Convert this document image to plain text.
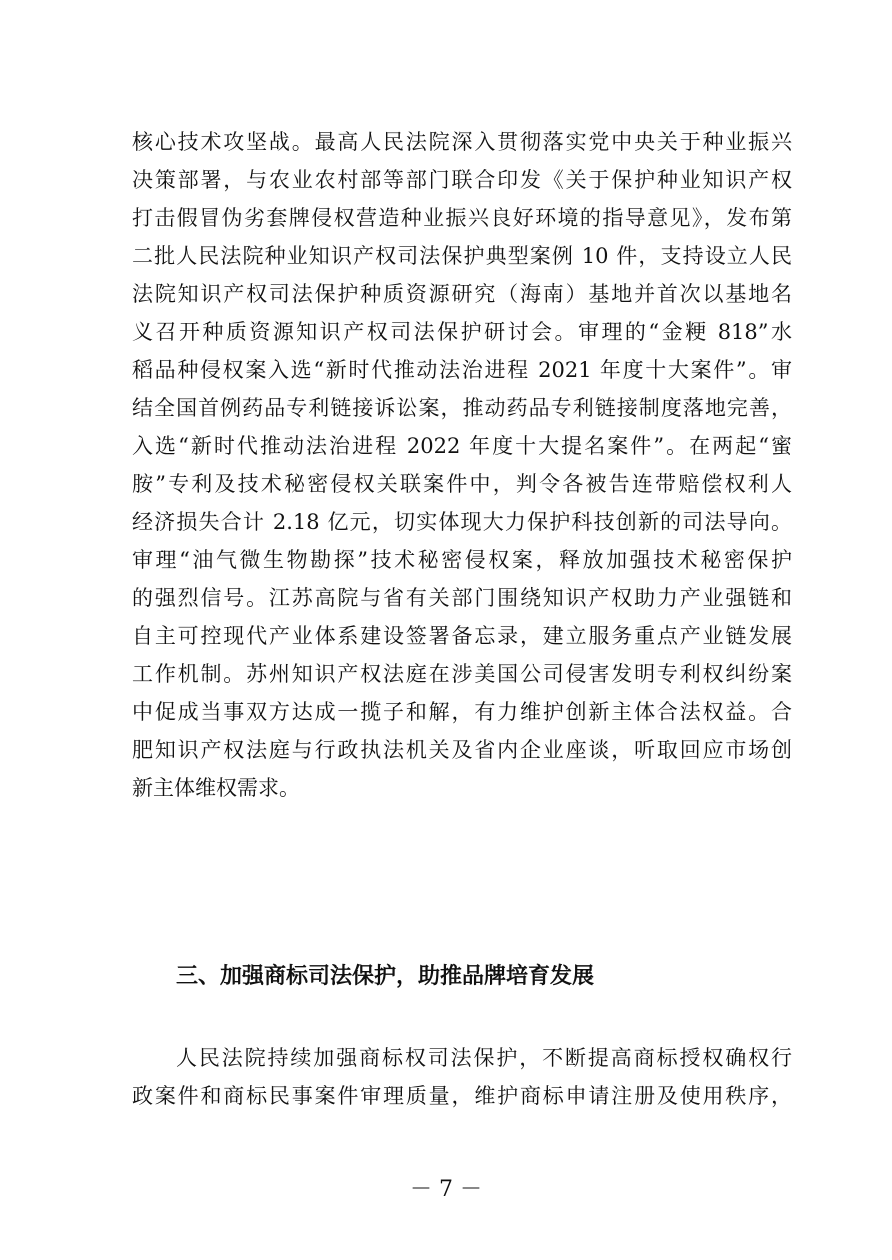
核心技术攻坚战。最高人民法院深入贯彻落实党中央关于种业振兴
决策部署，与农业农村部等部门联合印发《关于保护种业知识产权
打击假冒伪劣套牌侵权营造种业振兴良好环境的指导意见》，发布第
二批人民法院种业知识产权司法保护典型案例 10 件，支持设立人民
法院知识产权司法保护种质资源研究（海南）基地并首次以基地名
义召开种质资源知识产权司法保护研讨会。审理的“金粳 818”水
稻品种侵权案入选“新时代推动法治进程 2021 年度十大案件”。审
结全国首例药品专利链接诉讼案，推动药品专利链接制度落地完善，
入选“新时代推动法治进程 2022 年度十大提名案件”。在两起“蜜
胺”专利及技术秘密侵权关联案件中，判令各被告连带赔偿权利人
经济损失合计 2.18 亿元，切实体现大力保护科技创新的司法导向。
审理“油气微生物勘探”技术秘密侵权案，释放加强技术秘密保护
的强烈信号。江苏高院与省有关部门围绕知识产权助力产业强链和
自主可控现代产业体系建设签署备忘录，建立服务重点产业链发展
工作机制。苏州知识产权法庭在涉美国公司侵害发明专利权纠纷案
中促成当事双方达成一揽子和解，有力维护创新主体合法权益。合
肥知识产权法庭与行政执法机关及省内企业座谈，听取回应市场创
新主体维权需求。
三、加强商标司法保护，助推品牌培育发展
人民法院持续加强商标权司法保护，不断提高商标授权确权行
政案件和商标民事案件审理质量，维护商标申请注册及使用秩序，
－ 7 －
